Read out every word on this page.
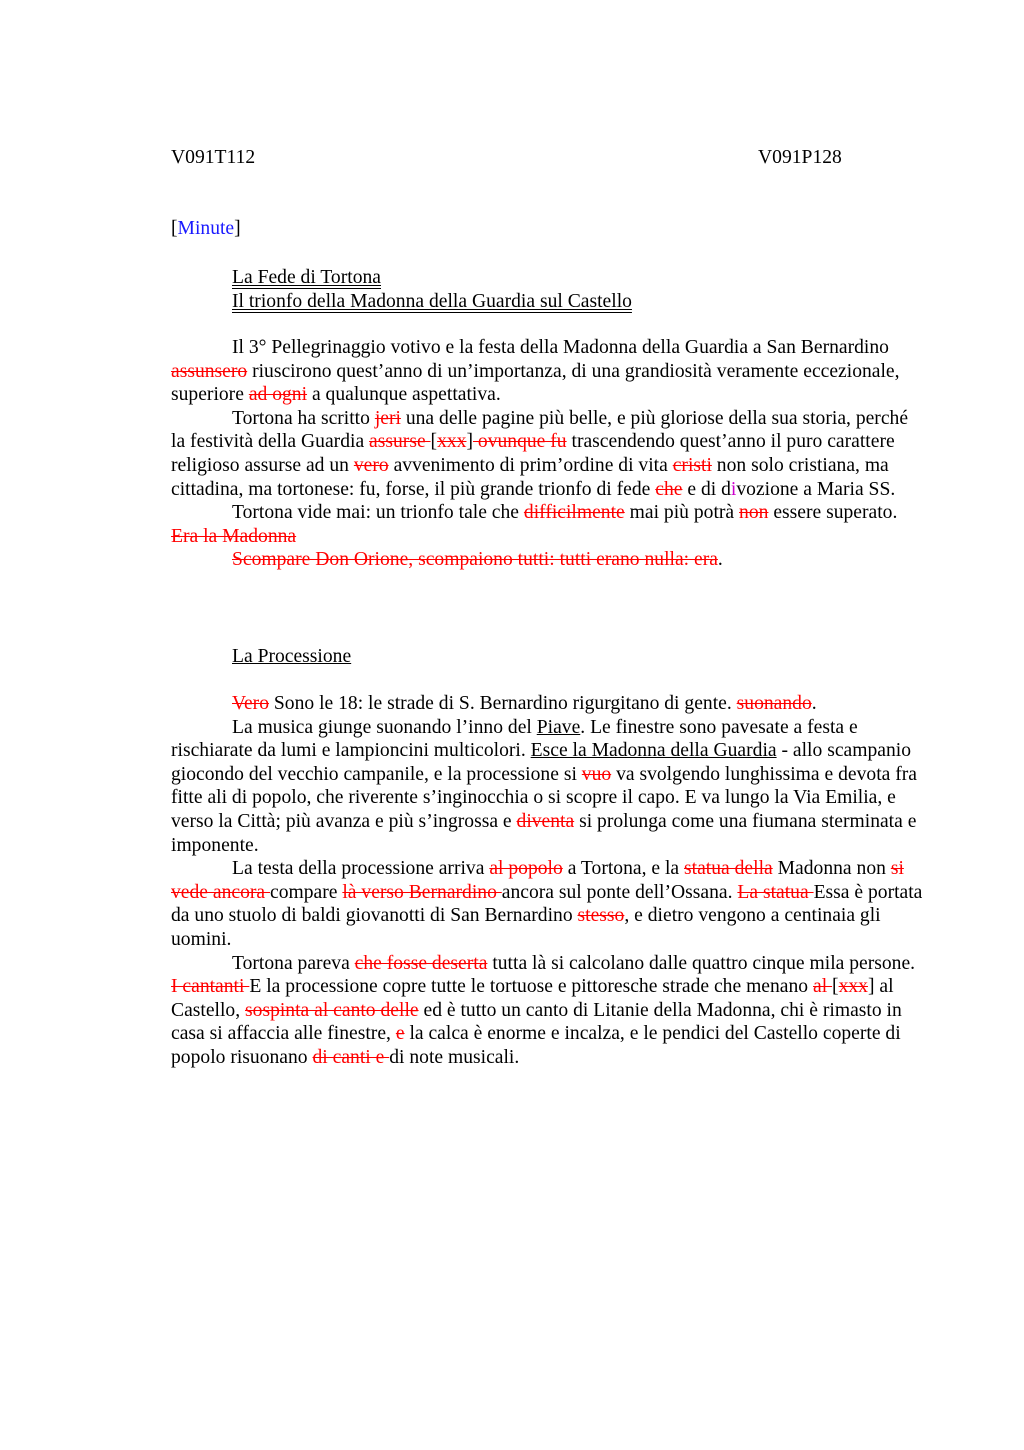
V091T112	V091P128
[Minute]
La Fede di Tortona
Il trionfo della Madonna della Guardia sul Castello

Il 3° Pellegrinaggio votivo e la festa della Madonna della Guardia a San Bernardino assunsero riuscirono quest’anno di un’importanza, di una grandiosità veramente eccezionale, superiore ad ogni a qualunque aspettativa.

Tortona ha scritto jeri una delle pagine più belle, e più gloriose della sua storia, perché la festività della Guardia assurse [xxx] ovunque fu trascendendo quest’anno il puro carattere religioso assurse ad un vero avvenimento di prim’ordine di vita cristi non solo cristiana, ma cittadina, ma tortonese: fu, forse, il più grande trionfo di fede che e di divozione a Maria SS.

Tortona vide mai: un trionfo tale che difficilmente mai più potrà non essere superato. Era la Madonna

Scompare Don Orione, scompaiono tutti: tutti erano nulla: era.

La Processione

Vero Sono le 18: le strade di S. Bernardino rigurgitano di gente. suonando.

La musica giunge suonando l’inno del Piave. Le finestre sono pavesate a festa e rischiarate da lumi e lampioncini multicolori. Esce la Madonna della Guardia - allo scampanio giocondo del vecchio campanile, e la processione si vuo va svolgendo lunghissima e devota fra fitte ali di popolo, che riverente s’inginocchia o si scopre il capo. E va lungo la Via Emilia, e verso la Città; più avanza e più s’ingrossa e diventa si prolunga come una fiumana sterminata e imponente.

La testa della processione arriva al popolo a Tortona, e la statua della Madonna non si vede ancora compare là verso Bernardino ancora sul ponte dell’Ossana. La statua Essa è portata da uno stuolo di baldi giovanotti di San Bernardino stesso, e dietro vengono a centinaia gli uomini.

Tortona pareva che fosse deserta tutta là si calcolano dalle quattro cinque mila persone. I cantanti E la processione copre tutte le tortuose e pittoresche strade che menano al [xxx] al Castello, sospinta al canto delle ed è tutto un canto di Litanie della Madonna, chi è rimasto in casa si affaccia alle finestre, e la calca è enorme e incalza, e le pendici del Castello coperte di popolo risuonano di canti e di note musicali.
